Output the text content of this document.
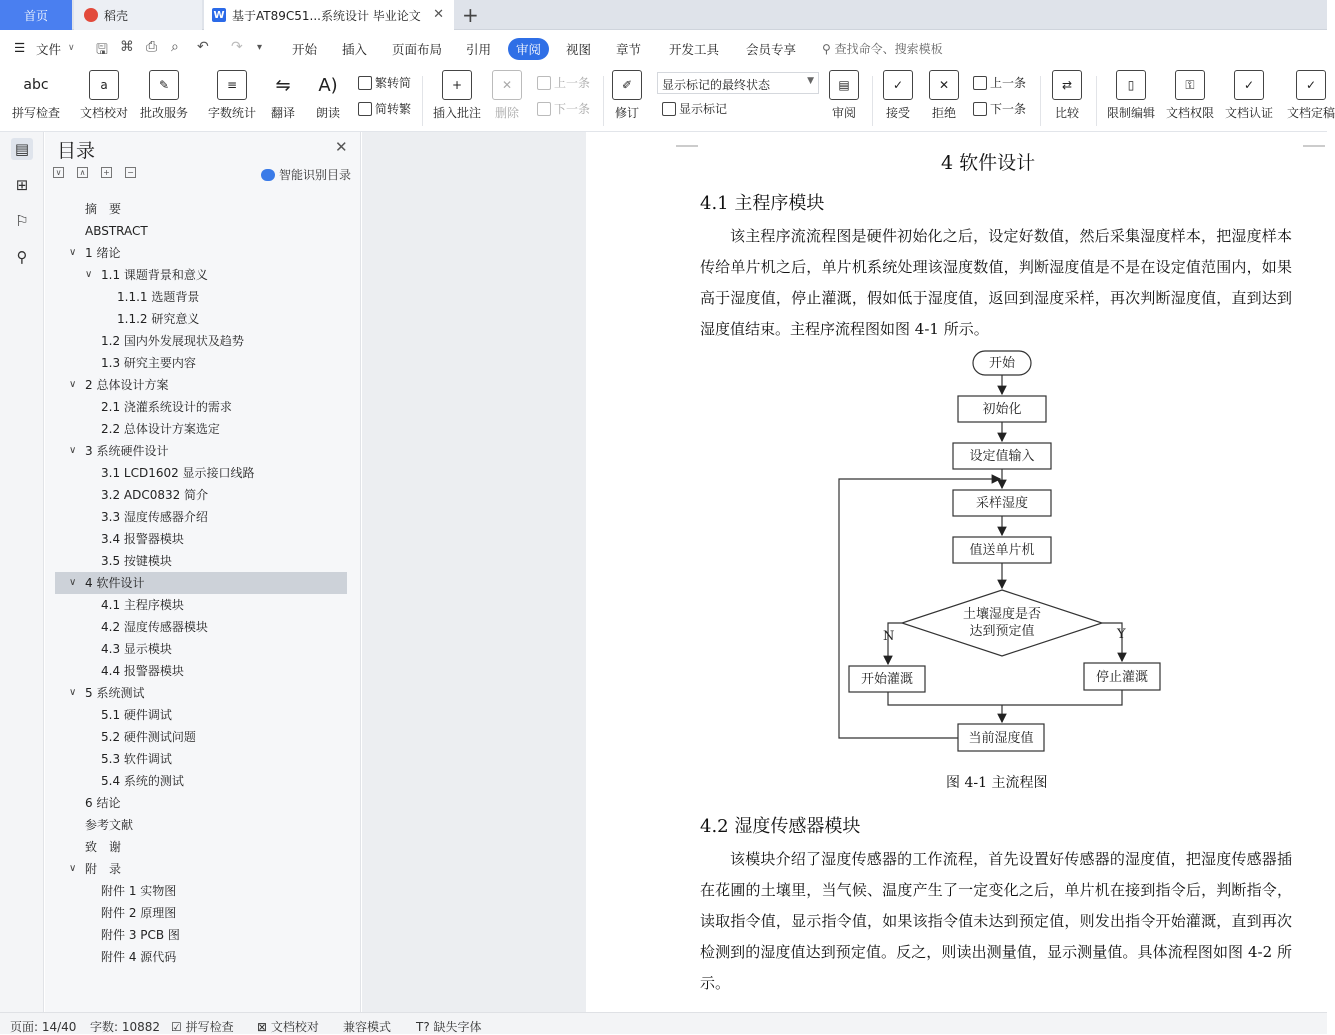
首页	稻壳	W 基于AT89C51...系统设计 毕业论文 ✕ +
☰ 文件 ∨ 🖫 ⌘ ⎙ ⌕ ↶ ↷ ▾ 开始 插入 页面布局 引用	审阅	视图 章节 开发工具 会员专享 ⚲ 查找命令、搜索模板
abc
拼写检查
a
文档校对
✎
批改服务
≡
字数统计
⇋
翻译
A)
朗读
繁转简
简转繁
+
插入批注
✕
删除
上一条
下一条
✐
修订
显示标记的最终状态	▼
显示标记
▤
审阅
✓
接受
✕
拒绝
上一条
下一条
⇄
比较
▯
限制编辑
⚿
文档权限
✓
文档认证
✓
文档定稿
▤
⊞
⚐
⚲
目录	✕
∨	∧	+ −	智能识别目录
摘　要
ABSTRACT
∨ 1 绪论
∨ 1.1 课题背景和意义
1.1.1 选题背景
1.1.2 研究意义
1.2 国内外发展现状及趋势
1.3 研究主要内容
∨ 2 总体设计方案
2.1 浇灌系统设计的需求
2.2 总体设计方案选定
∨ 3 系统硬件设计
3.1 LCD1602 显示接口线路
3.2 ADC0832 简介
3.3 湿度传感器介绍
3.4 报警器模块
3.5 按键模块
∨ 4 软件设计
4.1 主程序模块
4.2 湿度传感器模块
4.3 显示模块
4.4 报警器模块
∨ 5 系统测试
5.1 硬件调试
5.2 硬件测试问题
5.3 软件调试
5.4 系统的测试
6 结论
参考文献
致　谢
∨ 附　录
附件 1 实物图
附件 2 原理图
附件 3 PCB 图
附件 4 源代码
4 软件设计
4.1 主程序模块
该主程序流流程图是硬件初始化之后，设定好数值，然后采集湿度样本，把湿度样本传给单片机之后，单片机系统处理该湿度数值，判断湿度值是不是在设定值范围内，如果高于湿度值，停止灌溉，假如低于湿度值，返回到湿度采样，再次判断湿度值，直到达到湿度值结束。主程序流程图如图 4-1 所示。
开始
初始化
设定值输入
采样湿度
值送单片机
土壤湿度是否
达到预定值
N	Y
开始灌溉	停止灌溉
当前湿度值
图 4-1 主流程图
4.2 湿度传感器模块
该模块介绍了湿度传感器的工作流程，首先设置好传感器的湿度值，把湿度传感器插在花圃的土壤里，当气候、温度产生了一定变化之后，单片机在接到指令后，判断指令，读取指令值，显示指令值，如果该指令值未达到预定值，则发出指令开始灌溉，直到再次检测到的湿度值达到预定值。反之，则读出测量值，显示测量值。具体流程图如图 4-2 所示。
页面: 14/40 字数: 10882 ☑ 拼写检查 ⊠ 文档校对 兼容模式 T? 缺失字体
